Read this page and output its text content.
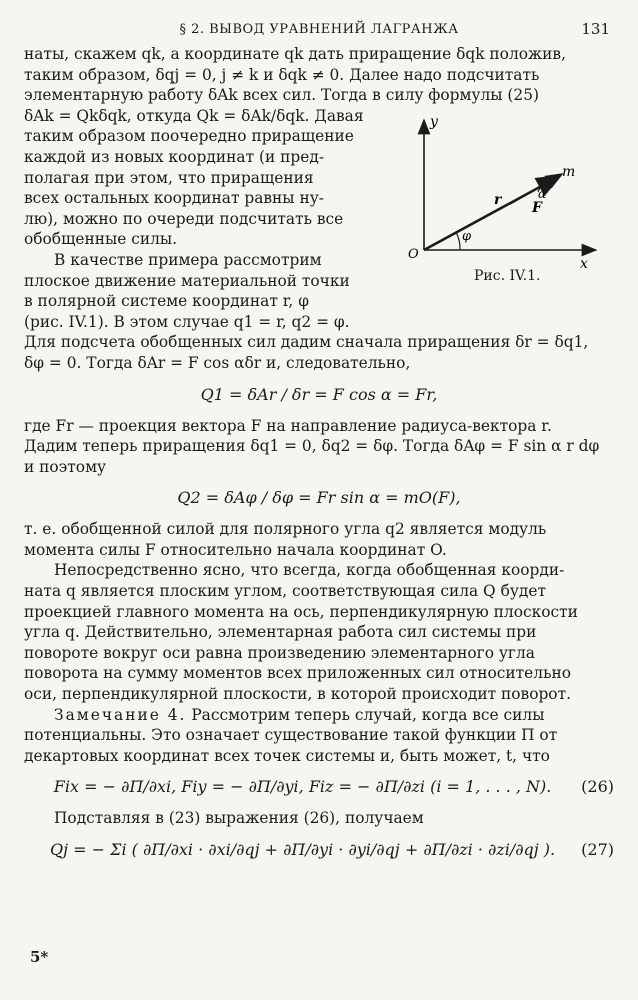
§ 2. ВЫВОД УРАВНЕНИЙ ЛАГРАНЖА	131

наты, скажем qk, а координате qk дать приращение δqk положив,

таким образом, δqj = 0, j ≠ k и δqk ≠ 0. Далее надо подсчитать

элементарную работу δAk всех сил. Тогда в силу формулы (25)

y
x
O
m
r F
α
φ
Рис. IV.1.

δAk = Qkδqk, откуда Qk = δAk/δqk. Давая

таким образом поочередно приращение

каждой из новых координат (и пред-

полагая при этом, что приращения

всех остальных координат равны ну-

лю), можно по очереди подсчитать все

обобщенные силы.

В качестве примера рассмотрим

плоское движение материальной точки

в полярной системе координат r, φ

(рис. IV.1). В этом случае q1 = r, q2 = φ.

Для подсчета обобщенных сил дадим сначала приращения δr = δq1,

δφ = 0. Тогда δAr = F cos αδr и, следовательно,

Q1 = δAr / δr = F cos α = Fr,

где Fr — проекция вектора F на направление радиуса-вектора r.

Дадим теперь приращения δq1 = 0, δq2 = δφ. Тогда δAφ = F sin α r dφ

и поэтому

Q2 = δAφ / δφ = Fr sin α = mO(F),

т. е. обобщенной силой для полярного угла q2 является модуль

момента силы F относительно начала координат O.

Непосредственно ясно, что всегда, когда обобщенная коорди-

ната q является плоским углом, соответствующая сила Q будет

проекцией главного момента на ось, перпендикулярную плоскости

угла q. Действительно, элементарная работа сил системы при

повороте вокруг оси равна произведению элементарного угла

поворота на сумму моментов всех приложенных сил относительно

оси, перпендикулярной плоскости, в которой происходит поворот.

Замечание 4. Рассмотрим теперь случай, когда все силы

потенциальны. Это означает существование такой функции П от

декартовых координат всех точек системы и, быть может, t, что

(26)
Fix = − ∂П/∂xi, Fiy = − ∂П/∂yi, Fiz = − ∂П/∂zi (i = 1, . . . , N).

Подставляя в (23) выражения (26), получаем

(27)
Qj = − Σi ( ∂П/∂xi · ∂xi/∂qj + ∂П/∂yi · ∂yi/∂qj + ∂П/∂zi · ∂zi/∂qj ).
5*
